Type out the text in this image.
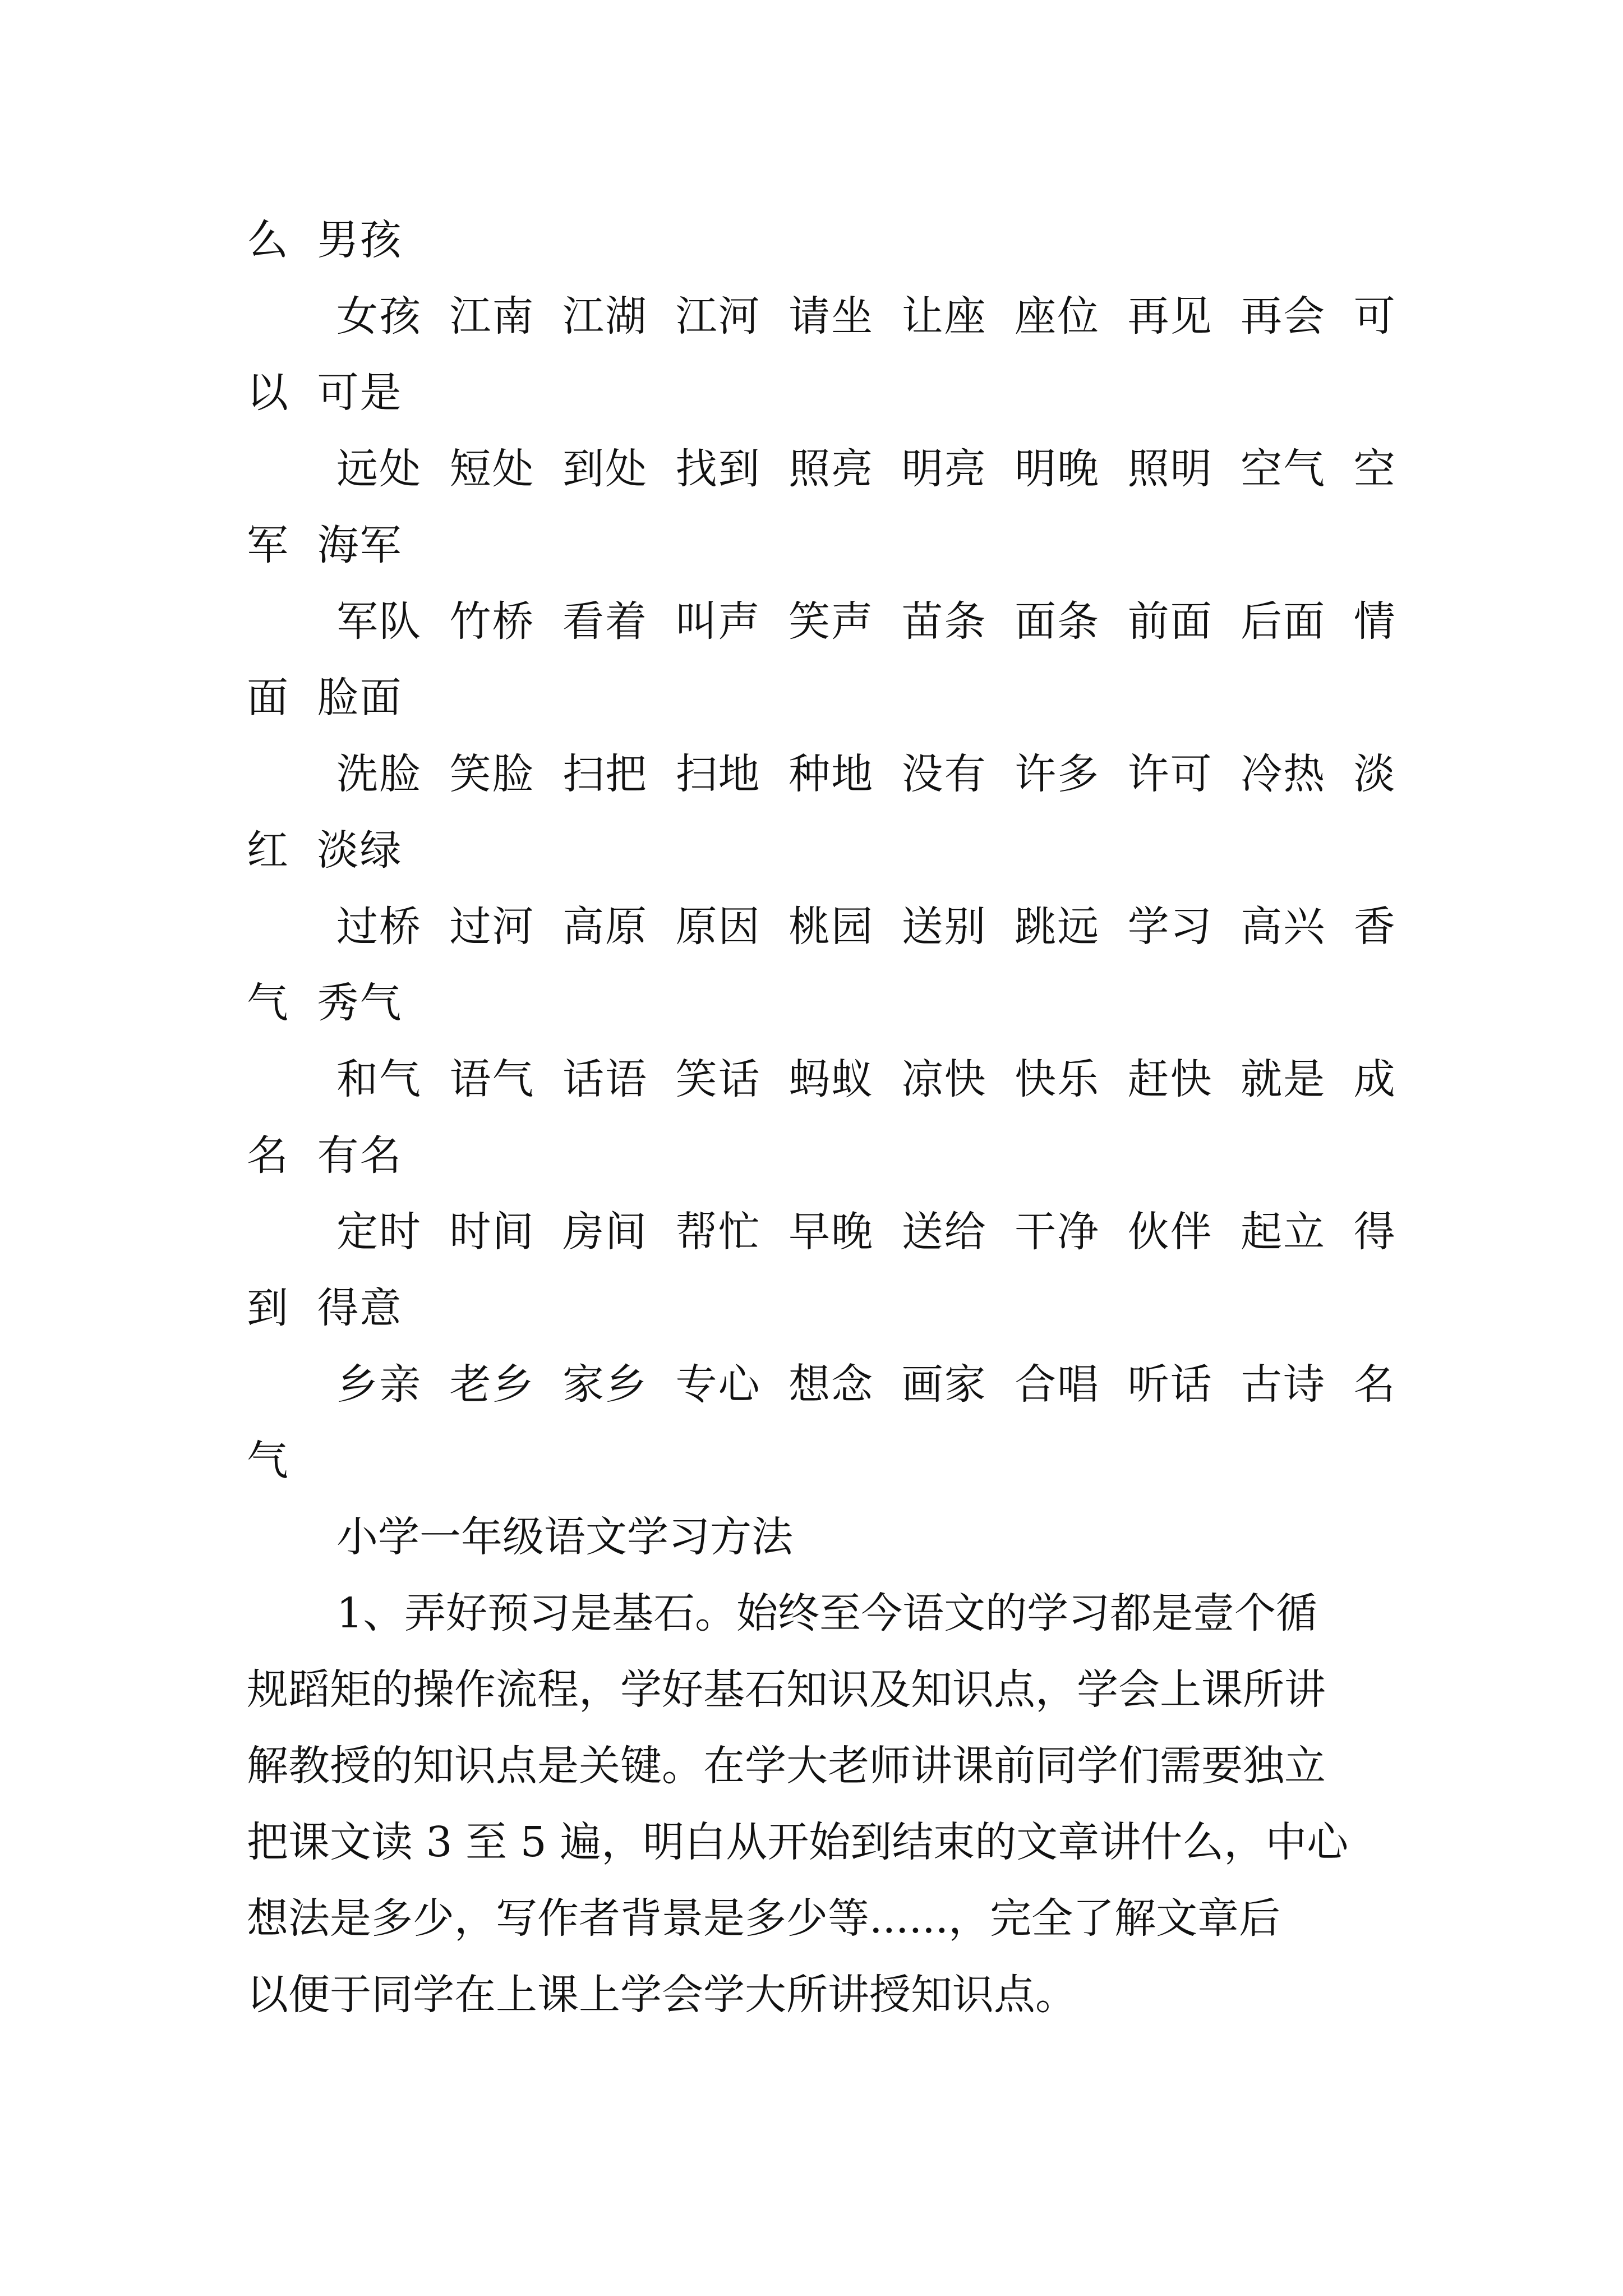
么 男孩
女孩 江南 江湖 江河 请坐 让座 座位 再见 再会 可
以 可是
远处 短处 到处 找到 照亮 明亮 明晚 照明 空气 空
军 海军
军队 竹桥 看着 叫声 笑声 苗条 面条 前面 后面 情
面 脸面
洗脸 笑脸 扫把 扫地 种地 没有 许多 许可 冷热 淡
红 淡绿
过桥 过河 高原 原因 桃园 送别 跳远 学习 高兴 香
气 秀气
和气 语气 话语 笑话 蚂蚁 凉快 快乐 赶快 就是 成
名 有名
定时 时间 房间 帮忙 早晚 送给 干净 伙伴 起立 得
到 得意
乡亲 老乡 家乡 专心 想念 画家 合唱 听话 古诗 名
气
小学一年级语文学习方法
1、弄好预习是基石。始终至今语文的学习都是壹个循
规蹈矩的操作流程，学好基石知识及知识点，学会上课所讲
解教授的知识点是关键。在学大老师讲课前同学们需要独立
把课文读 3 至 5 遍，明白从开始到结束的文章讲什么，中心
想法是多少，写作者背景是多少等......，完全了解文章后
以便于同学在上课上学会学大所讲授知识点。
